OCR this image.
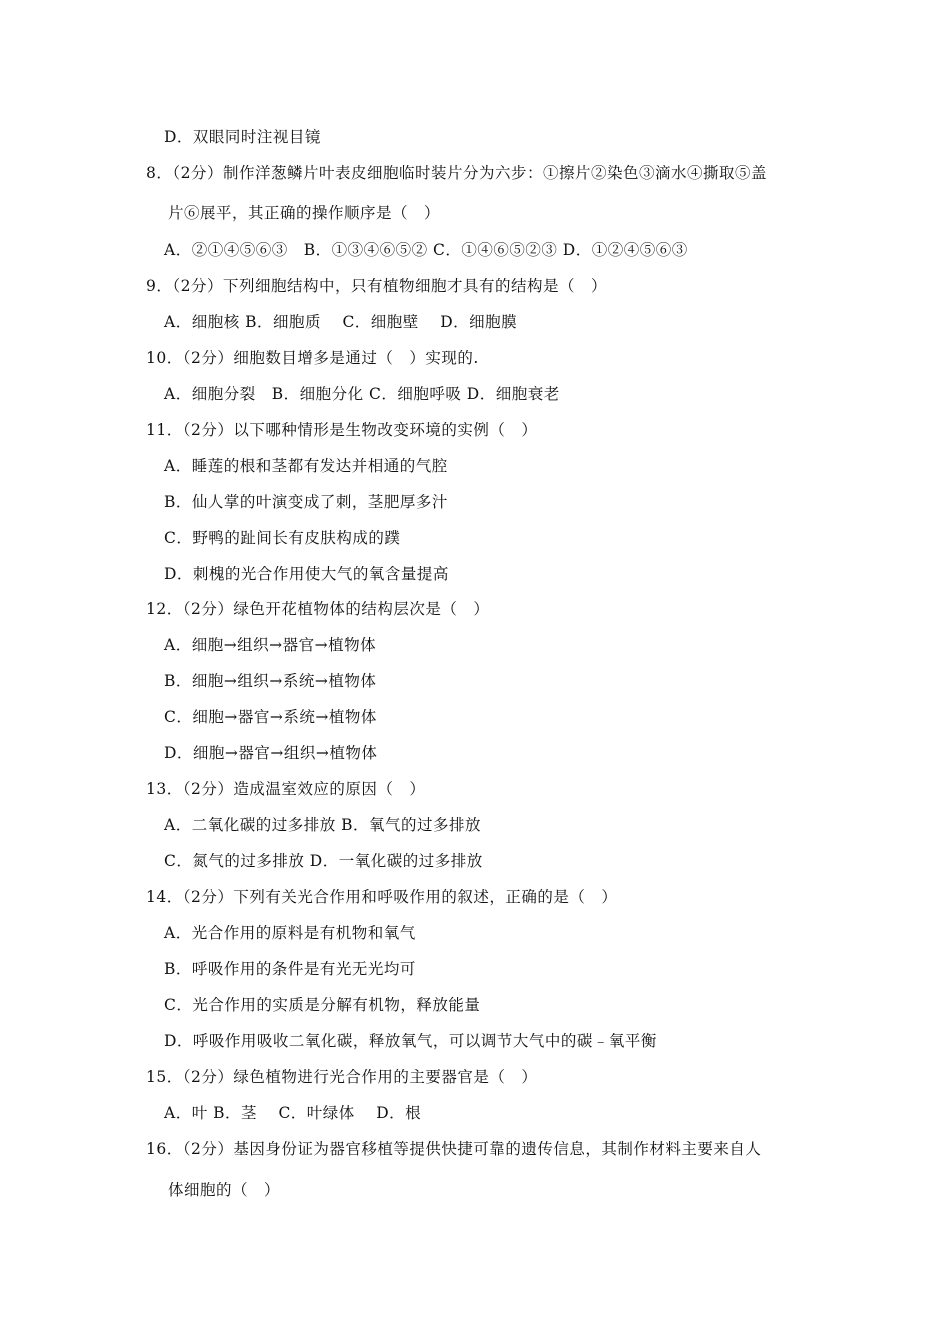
D．双眼同时注视目镜
8．（2分）制作洋葱鳞片叶表皮细胞临时装片分为六步：①擦片②染色③滴水④撕取⑤盖
片⑥展平，其正确的操作顺序是（　）
A．②①④⑤⑥③　B．①③④⑥⑤② C．①④⑥⑤②③ D．①②④⑤⑥③
9．（2分）下列细胞结构中，只有植物细胞才具有的结构是（　）
A．细胞核 B．细胞质　 C．细胞壁　 D．细胞膜
10．（2分）细胞数目增多是通过（　）实现的.
A．细胞分裂　B．细胞分化 C．细胞呼吸 D．细胞衰老
11．（2分）以下哪种情形是生物改变环境的实例（　）
A．睡莲的根和茎都有发达并相通的气腔
B．仙人掌的叶演变成了刺，茎肥厚多汁
C．野鸭的趾间长有皮肤构成的蹼
D．刺槐的光合作用使大气的氧含量提高
12．（2分）绿色开花植物体的结构层次是（　）
A．细胞→组织→器官→植物体
B．细胞→组织→系统→植物体
C．细胞→器官→系统→植物体
D．细胞→器官→组织→植物体
13．（2分）造成温室效应的原因（　）
A．二氧化碳的过多排放 B．氧气的过多排放
C．氮气的过多排放 D．一氧化碳的过多排放
14．（2分）下列有关光合作用和呼吸作用的叙述，正确的是（　）
A．光合作用的原料是有机物和氧气
B．呼吸作用的条件是有光无光均可
C．光合作用的实质是分解有机物，释放能量
D．呼吸作用吸收二氧化碳，释放氧气，可以调节大气中的碳﹣氧平衡
15．（2分）绿色植物进行光合作用的主要器官是（　）
A．叶 B．茎　 C．叶绿体　 D．根
16．（2分）基因身份证为器官移植等提供快捷可靠的遗传信息，其制作材料主要来自人
体细胞的（　）
